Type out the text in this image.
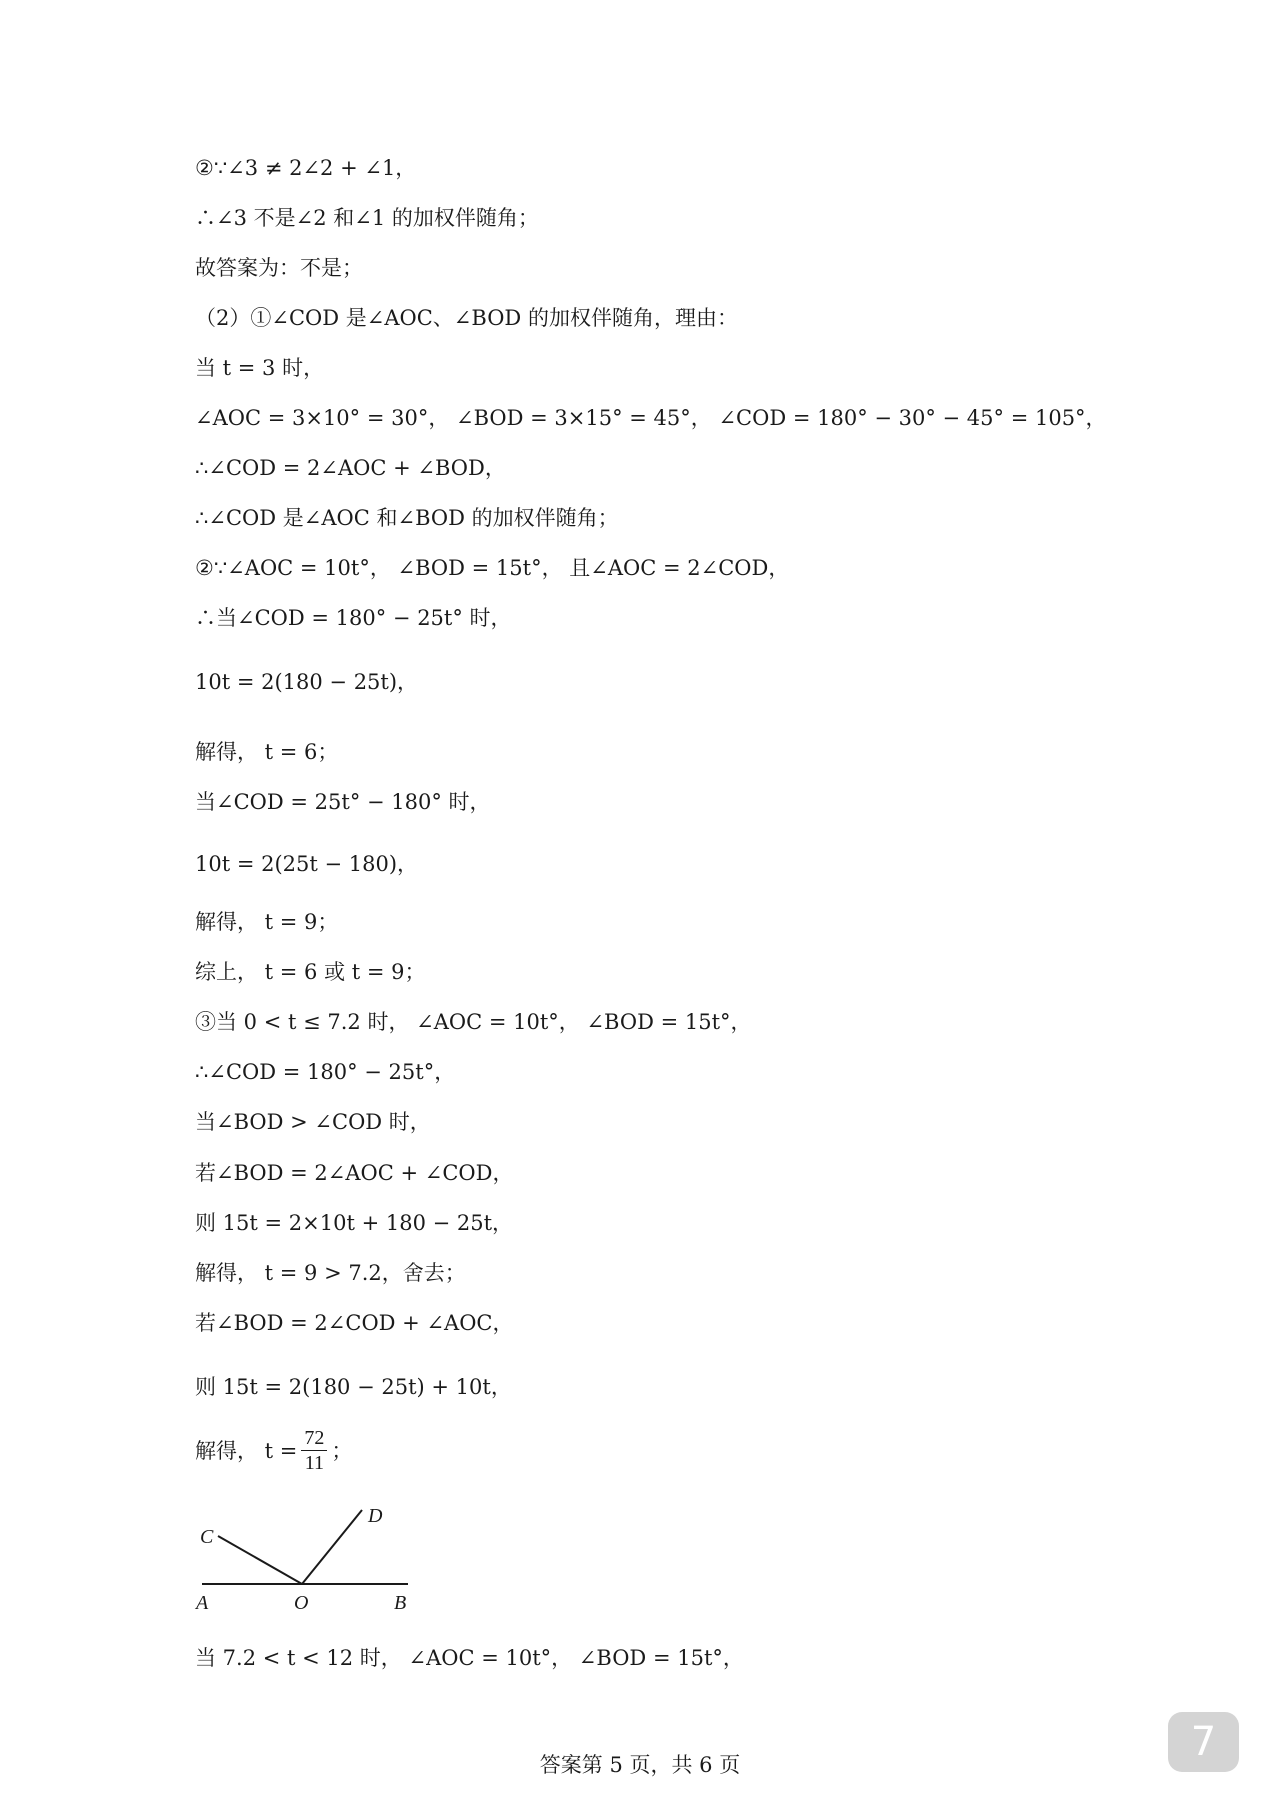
②∵∠3 ≠ 2∠2 + ∠1，
∴∠3 不是∠2 和∠1 的加权伴随角；
故答案为：不是；
（2）①∠COD 是∠AOC、∠BOD 的加权伴随角，理由：
当 t = 3 时，
∠AOC = 3×10° = 30°， ∠BOD = 3×15° = 45°， ∠COD = 180° − 30° − 45° = 105°，
∴∠COD = 2∠AOC + ∠BOD，
∴∠COD 是∠AOC 和∠BOD 的加权伴随角；
②∵∠AOC = 10t°， ∠BOD = 15t°， 且∠AOC = 2∠COD，
∴当∠COD = 180° − 25t° 时，
10t = 2(180 − 25t)，
解得， t = 6；
当∠COD = 25t° − 180° 时，
10t = 2(25t − 180)，
解得， t = 9；
综上， t = 6 或 t = 9；
③当 0 < t ≤ 7.2 时， ∠AOC = 10t°， ∠BOD = 15t°，
∴∠COD = 180° − 25t°，
当∠BOD > ∠COD 时，
若∠BOD = 2∠AOC + ∠COD，
则 15t = 2×10t + 180 − 25t，
解得， t = 9 > 7.2，舍去；
若∠BOD = 2∠COD + ∠AOC，
则 15t = 2(180 − 25t) + 10t，
解得， $t = \frac{72}{11}$ ；
C
D
A	O	B
当 7.2 < t < 12 时， ∠AOC = 10t°， ∠BOD = 15t°，
答案第 5 页，共 6 页	7
